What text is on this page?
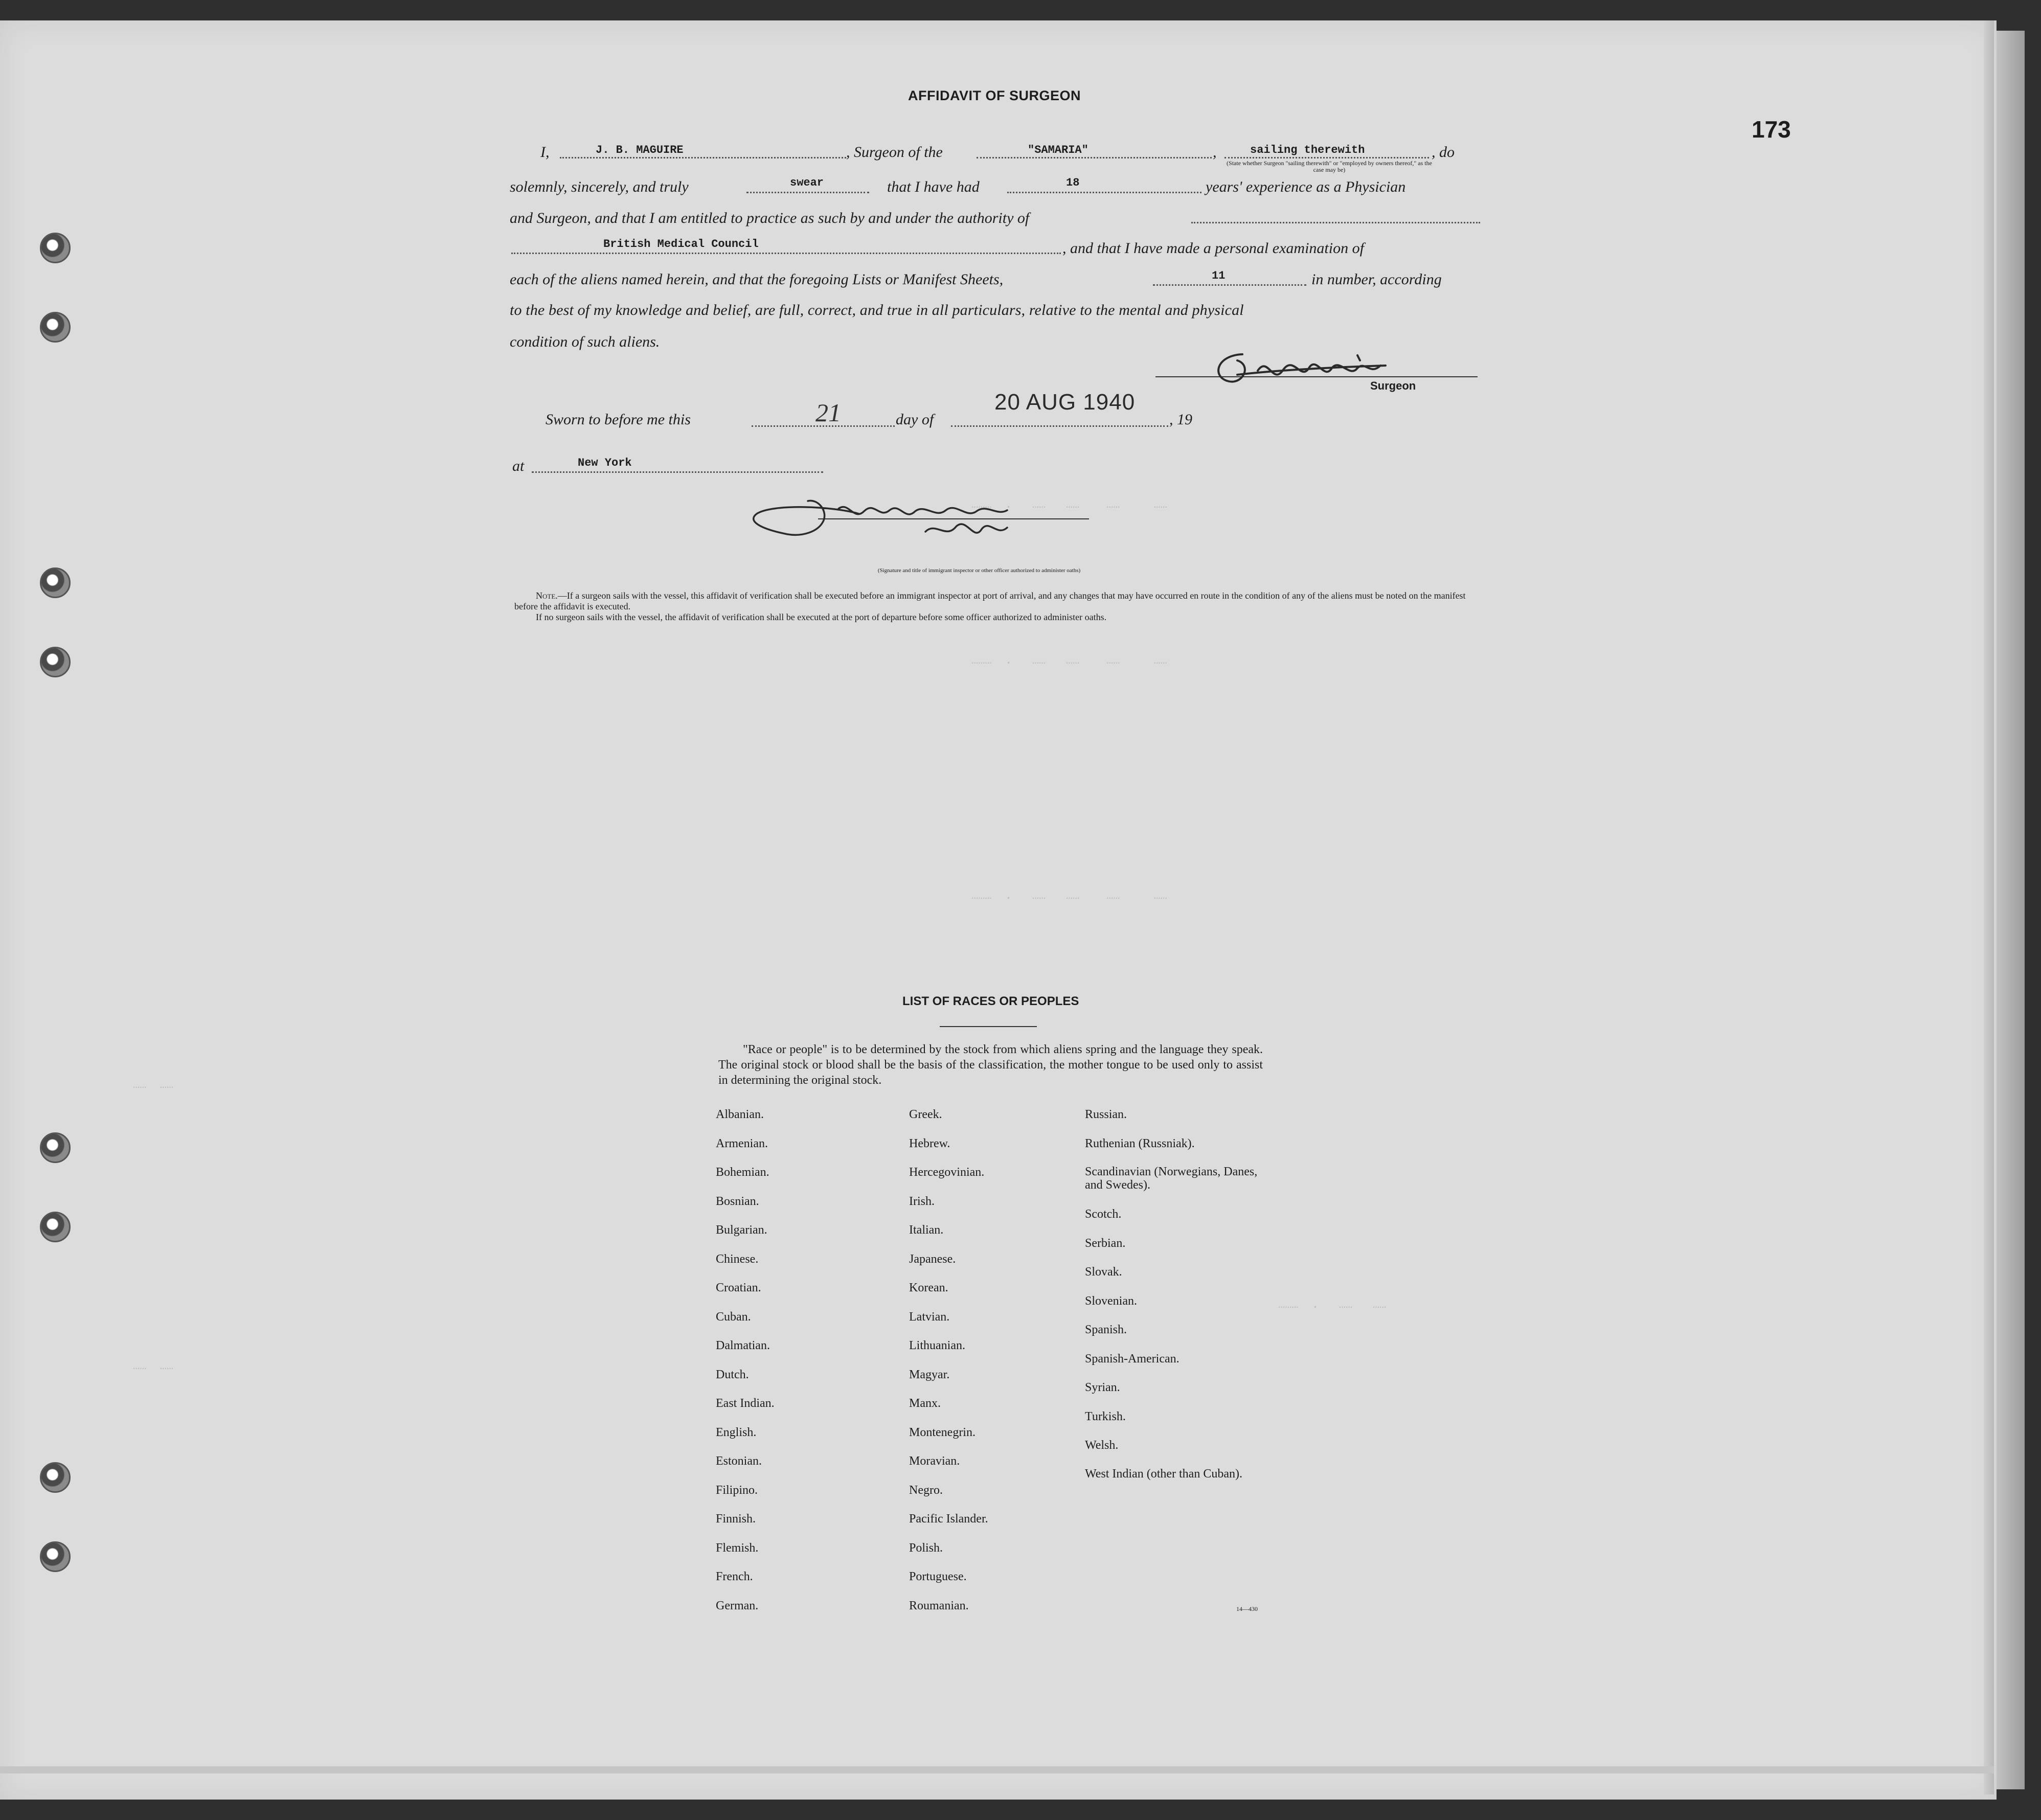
………  .   ……   ……    ……     ……
………  .   ……   ……    ……     ……
………  .   ……   ……    ……     ……
………  .   ……   ……
……  ……
……  ……
AFFIDAVIT OF SURGEON
173
I,	J. B. MAGUIRE	, Surgeon of the	"SAMARIA"	,	sailing therewith	, do
(State whether Surgeon "sailing therewith" or "employed by owners thereof," as the case may be)
solemnly, sincerely, and truly	swear	that I have had	18	years' experience as a Physician
and Surgeon, and that I am entitled to practice as such by and under the authority of
British Medical Council	, and that I have made a personal examination of
each of the aliens named herein, and that the foregoing Lists or Manifest Sheets,	11	in number, according
to the best of my knowledge and belief, are full, correct, and true in all particulars, relative to the mental and physical
condition of such aliens.
Surgeon
Sworn to before me this	21	day of
20 AUG 1940
, 19
at	New York
(Signature and title of immigrant inspector or other officer authorized to administer oaths)
Note.—If a surgeon sails with the vessel, this affidavit of verification shall be executed before an immigrant inspector at port of arrival, and any changes that may have occurred en route in the condition of any of the aliens must be noted on the manifest before the affidavit is executed.
If no surgeon sails with the vessel, the affidavit of verification shall be executed at the port of departure before some officer authorized to administer oaths.
LIST OF RACES OR PEOPLES
"Race or people" is to be determined by the stock from which aliens spring and the language they speak. The original stock or blood shall be the basis of the classification, the mother tongue to be used only to assist in determining the original stock.
Albanian.
Armenian.
Bohemian.
Bosnian.
Bulgarian.
Chinese.
Croatian.
Cuban.
Dalmatian.
Dutch.
East Indian.
English.
Estonian.
Filipino.
Finnish.
Flemish.
French.
German.
Greek.
Hebrew.
Hercegovinian.
Irish.
Italian.
Japanese.
Korean.
Latvian.
Lithuanian.
Magyar.
Manx.
Montenegrin.
Moravian.
Negro.
Pacific Islander.
Polish.
Portuguese.
Roumanian.
Russian.
Ruthenian (Russniak).
Scandinavian (Norwegians, Danes, and Swedes).
Scotch.
Serbian.
Slovak.
Slovenian.
Spanish.
Spanish-American.
Syrian.
Turkish.
Welsh.
West Indian (other than Cuban).
14—430
